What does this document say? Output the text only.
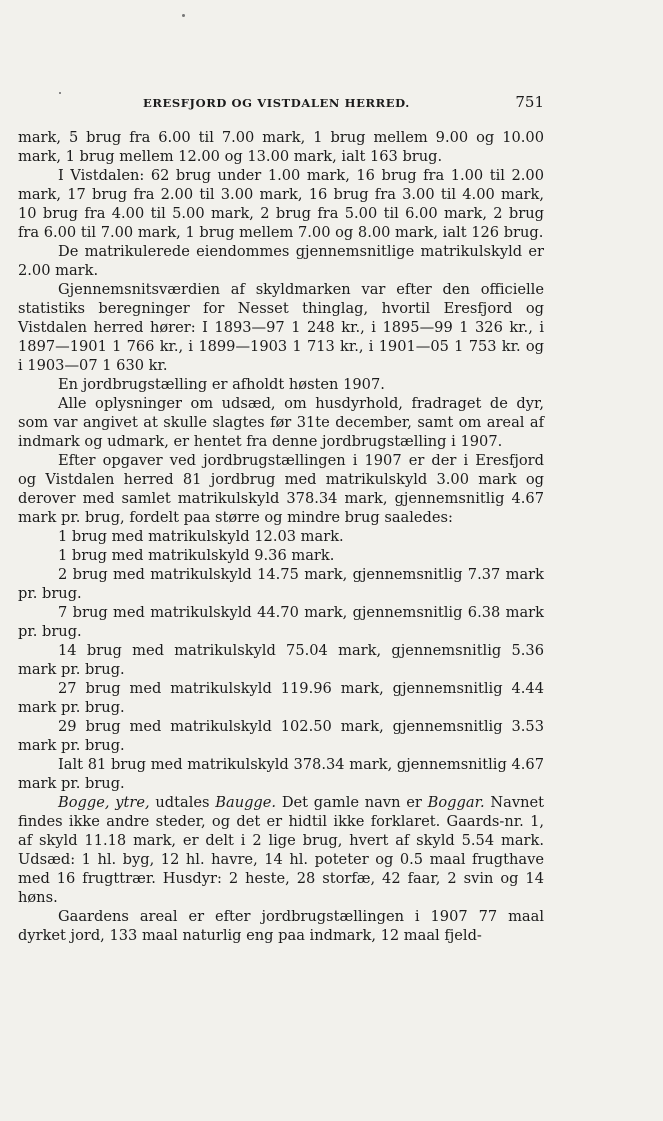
ERESFJORD OG VISTDALEN HERRED.	751

mark, 5 brug fra 6.00 til 7.00 mark, 1 brug mellem 9.00 og 10.00 mark, 1 brug mellem 12.00 og 13.00 mark, ialt 163 brug.

I Vistdalen: 62 brug under 1.00 mark, 16 brug fra 1.00 til 2.00 mark, 17 brug fra 2.00 til 3.00 mark, 16 brug fra 3.00 til 4.00 mark, 10 brug fra 4.00 til 5.00 mark, 2 brug fra 5.00 til 6.00 mark, 2 brug fra 6.00 til 7.00 mark, 1 brug mellem 7.00 og 8.00 mark, ialt 126 brug.

De matrikulerede eiendommes gjennemsnitlige matrikulskyld er 2.00 mark.

Gjennemsnitsværdien af skyldmarken var efter den officielle statistiks beregninger for Nesset thinglag, hvortil Eresfjord og Vistdalen herred hører: I 1893—97 1 248 kr., i 1895—99 1 326 kr., i 1897—1901 1 766 kr., i 1899—1903 1 713 kr., i 1901—05 1 753 kr. og i 1903—07 1 630 kr.

En jordbrugstælling er afholdt høsten 1907.

Alle oplysninger om udsæd, om husdyrhold, fradraget de dyr, som var angivet at skulle slagtes før 31te december, samt om areal af indmark og udmark, er hentet fra denne jordbrugstælling i 1907.

Efter opgaver ved jordbrugstællingen i 1907 er der i Eresfjord og Vistdalen herred 81 jordbrug med matrikulskyld 3.00 mark og derover med samlet matrikulskyld 378.34 mark, gjennemsnitlig 4.67 mark pr. brug, fordelt paa større og mindre brug saaledes:

1 brug med matrikulskyld 12.03 mark.

1 brug med matrikulskyld 9.36 mark.

2 brug med matrikulskyld 14.75 mark, gjennemsnitlig 7.37 mark pr. brug.

7 brug med matrikulskyld 44.70 mark, gjennemsnitlig 6.38 mark pr. brug.

14 brug med matrikulskyld 75.04 mark, gjennemsnitlig 5.36 mark pr. brug.

27 brug med matrikulskyld 119.96 mark, gjennemsnitlig 4.44 mark pr. brug.

29 brug med matrikulskyld 102.50 mark, gjennemsnitlig 3.53 mark pr. brug.

Ialt 81 brug med matrikulskyld 378.34 mark, gjennemsnitlig 4.67 mark pr. brug.

Bogge, ytre, udtales Baugge. Det gamle navn er Boggar. Navnet findes ikke andre steder, og det er hidtil ikke forklaret. Gaards-nr. 1, af skyld 11.18 mark, er delt i 2 lige brug, hvert af skyld 5.54 mark. Udsæd: 1 hl. byg, 12 hl. havre, 14 hl. poteter og 0.5 maal frugthave med 16 frugttrær. Husdyr: 2 heste, 28 storfæ, 42 faar, 2 svin og 14 høns.

Gaardens areal er efter jordbrugstællingen i 1907 77 maal dyrket jord, 133 maal naturlig eng paa indmark, 12 maal fjeld-
